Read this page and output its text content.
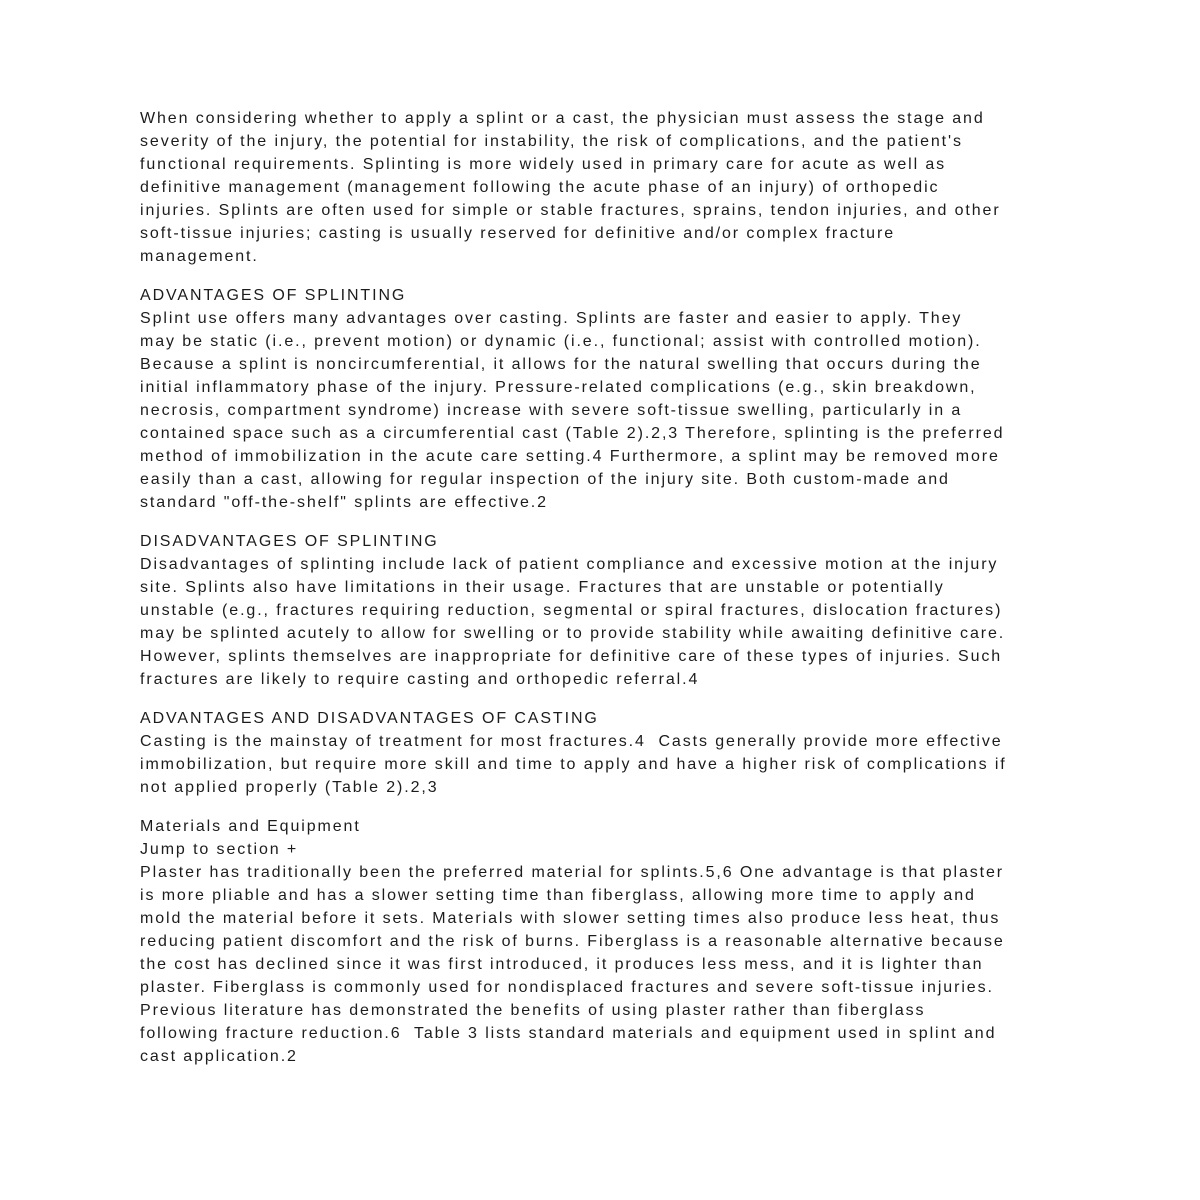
When considering whether to apply a splint or a cast, the physician must assess the stage and
severity of the injury, the potential for instability, the risk of complications, and the patient's
functional requirements. Splinting is more widely used in primary care for acute as well as
definitive management (management following the acute phase of an injury) of orthopedic
injuries. Splints are often used for simple or stable fractures, sprains, tendon injuries, and other
soft-tissue injuries; casting is usually reserved for definitive and/or complex fracture
management.
ADVANTAGES OF SPLINTING
Splint use offers many advantages over casting. Splints are faster and easier to apply. They
may be static (i.e., prevent motion) or dynamic (i.e., functional; assist with controlled motion).
Because a splint is noncircumferential, it allows for the natural swelling that occurs during the
initial inflammatory phase of the injury. Pressure-related complications (e.g., skin breakdown,
necrosis, compartment syndrome) increase with severe soft-tissue swelling, particularly in a
contained space such as a circumferential cast (Table 2).2,3 Therefore, splinting is the preferred
method of immobilization in the acute care setting.4 Furthermore, a splint may be removed more
easily than a cast, allowing for regular inspection of the injury site. Both custom-made and
standard "off-the-shelf" splints are effective.2
DISADVANTAGES OF SPLINTING
Disadvantages of splinting include lack of patient compliance and excessive motion at the injury
site. Splints also have limitations in their usage. Fractures that are unstable or potentially
unstable (e.g., fractures requiring reduction, segmental or spiral fractures, dislocation fractures)
may be splinted acutely to allow for swelling or to provide stability while awaiting definitive care.
However, splints themselves are inappropriate for definitive care of these types of injuries. Such
fractures are likely to require casting and orthopedic referral.4
ADVANTAGES AND DISADVANTAGES OF CASTING
Casting is the mainstay of treatment for most fractures.4  Casts generally provide more effective
immobilization, but require more skill and time to apply and have a higher risk of complications if
not applied properly (Table 2).2,3
Materials and Equipment
Jump to section +
Plaster has traditionally been the preferred material for splints.5,6 One advantage is that plaster
is more pliable and has a slower setting time than fiberglass, allowing more time to apply and
mold the material before it sets. Materials with slower setting times also produce less heat, thus
reducing patient discomfort and the risk of burns. Fiberglass is a reasonable alternative because
the cost has declined since it was first introduced, it produces less mess, and it is lighter than
plaster. Fiberglass is commonly used for nondisplaced fractures and severe soft-tissue injuries.
Previous literature has demonstrated the benefits of using plaster rather than fiberglass
following fracture reduction.6  Table 3 lists standard materials and equipment used in splint and
cast application.2
